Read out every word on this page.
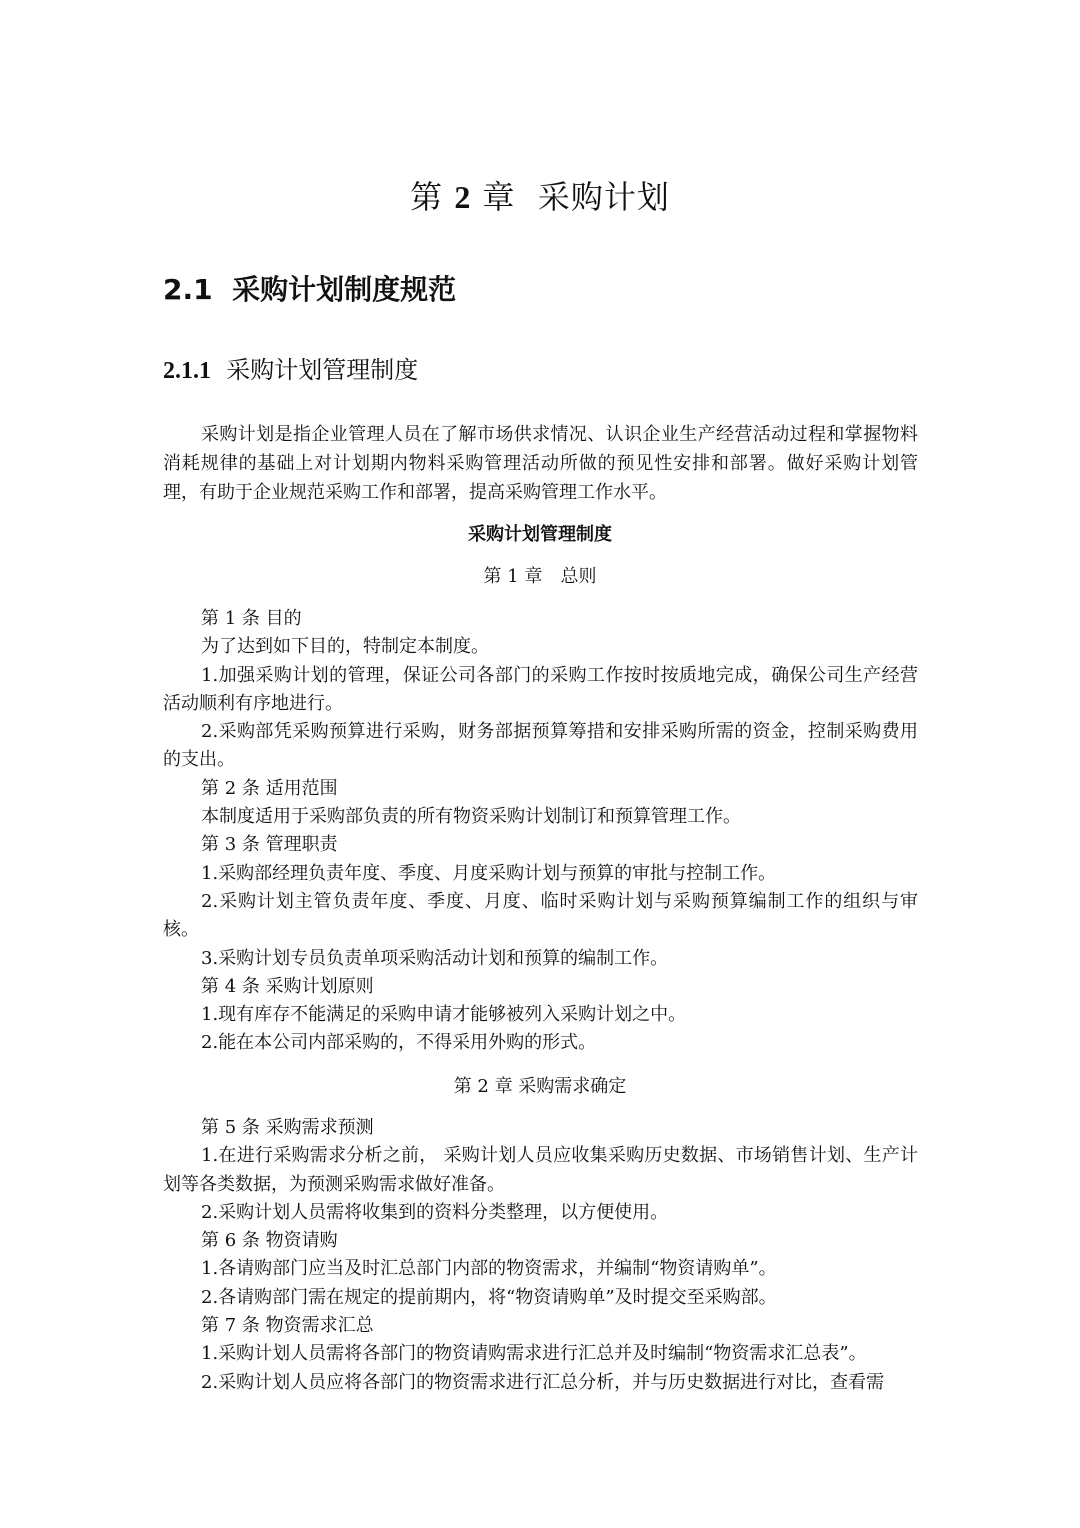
第 2 章 采购计划
2.1 采购计划制度规范
2.1.1 采购计划管理制度
采购计划是指企业管理人员在了解市场供求情况、认识企业生产经营活动过程和掌握物料消耗规律的基础上对计划期内物料采购管理活动所做的预见性安排和部署。做好采购计划管理，有助于企业规范采购工作和部署，提高采购管理工作水平。
采购计划管理制度
第 1 章　总则

第 1 条 目的

为了达到如下目的，特制定本制度。

1.加强采购计划的管理，保证公司各部门的采购工作按时按质地完成，确保公司生产经营活动顺利有序地进行。

2.采购部凭采购预算进行采购，财务部据预算筹措和安排采购所需的资金，控制采购费用的支出。

第 2 条 适用范围

本制度适用于采购部负责的所有物资采购计划制订和预算管理工作。

第 3 条 管理职责

1.采购部经理负责年度、季度、月度采购计划与预算的审批与控制工作。

2.采购计划主管负责年度、季度、月度、临时采购计划与采购预算编制工作的组织与审核。

3.采购计划专员负责单项采购活动计划和预算的编制工作。

第 4 条 采购计划原则

1.现有库存不能满足的采购申请才能够被列入采购计划之中。

2.能在本公司内部采购的，不得采用外购的形式。

第 2 章 采购需求确定

第 5 条 采购需求预测

1.在进行采购需求分析之前， 采购计划人员应收集采购历史数据、市场销售计划、生产计划等各类数据，为预测采购需求做好准备。

2.采购计划人员需将收集到的资料分类整理，以方便使用。

第 6 条 物资请购

1.各请购部门应当及时汇总部门内部的物资需求，并编制“物资请购单”。

2.各请购部门需在规定的提前期内，将“物资请购单”及时提交至采购部。

第 7 条 物资需求汇总

1.采购计划人员需将各部门的物资请购需求进行汇总并及时编制“物资需求汇总表”。

2.采购计划人员应将各部门的物资需求进行汇总分析，并与历史数据进行对比，查看需
